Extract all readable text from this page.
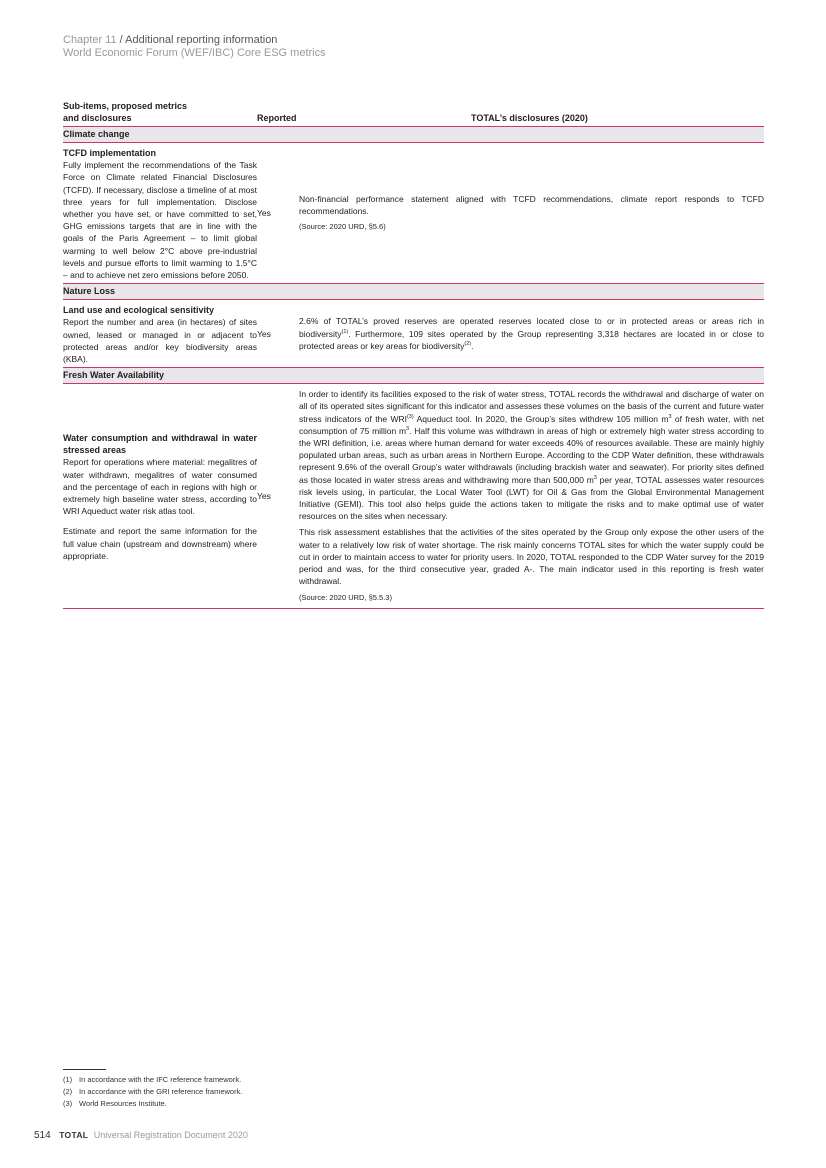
Chapter 11 / Additional reporting information
World Economic Forum (WEF/IBC) Core ESG metrics
Sub-items, proposed metrics
and disclosures	Reported	TOTAL’s disclosures (2020)
Climate change
TCFD implementation
Fully implement the recommendations of the Task Force on Climate related Financial Disclosures (TCFD). If necessary, disclose a timeline of at most three years for full implementation. Disclose whether you have set, or have committed to set, GHG emissions targets that are in line with the goals of the Paris Agreement – to limit global warming to well below 2°C above pre-industrial levels and pursue efforts to limit warming to 1.5°C – and to achieve net zero emissions before 2050.
Yes
Non-financial performance statement aligned with TCFD recommendations, climate report responds to TCFD recommendations.
(Source: 2020 URD, §5.6)
Nature Loss
Land use and ecological sensitivity
Report the number and area (in hectares) of sites owned, leased or managed in or adjacent to protected areas and/or key biodiversity areas (KBA).
Yes
2.6% of TOTAL’s proved reserves are operated reserves located close to or in protected areas or areas rich in biodiversity$^{(1)}$. Furthermore, 109 sites operated by the Group representing 3,318 hectares are located in or close to protected areas or key areas for biodiversity$^{(2)}$.
Fresh Water Availability
Water consumption and withdrawal in water stressed areas
Report for operations where material: megalitres of water withdrawn, megalitres of water consumed and the percentage of each in regions with high or extremely high baseline water stress, according to WRI Aqueduct water risk atlas tool.
Estimate and report the same information for the full value chain (upstream and downstream) where appropriate.
Yes
In order to identify its facilities exposed to the risk of water stress, TOTAL records the withdrawal and discharge of water on all of its operated sites significant for this indicator and assesses these volumes on the basis of the current and future water stress indicators of the WRI$^{(3)}$ Aqueduct tool. In 2020, the Group’s sites withdrew 105 million $m^3$ of fresh water, with net consumption of 75 million $m^3$. Half this volume was withdrawn in areas of high or extremely high water stress according to the WRI definition, i.e. areas where human demand for water exceeds 40% of resources available. These are mainly highly populated urban areas, such as urban areas in Northern Europe. According to the CDP Water definition, these withdrawals represent 9.6% of the overall Group’s water withdrawals (including brackish water and seawater). For priority sites defined as those located in water stress areas and withdrawing more than 500,000 $m^3$ per year, TOTAL assesses water resources risk levels using, in particular, the Local Water Tool (LWT) for Oil & Gas from the Global Environmental Management Initiative (GEMI). This tool also helps guide the actions taken to mitigate the risks and to make optimal use of water resources on the sites when necessary.
This risk assessment establishes that the activities of the sites operated by the Group only expose the other users of the water to a relatively low risk of water shortage. The risk mainly concerns TOTAL sites for which the water supply could be cut in order to maintain access to water for priority users. In 2020, TOTAL responded to the CDP Water survey for the 2019 period and was, for the third consecutive year, graded A-. The main indicator used in this reporting is fresh water withdrawal.
(Source: 2020 URD, §5.5.3)
(1) In accordance with the IFC reference framework.
(2) In accordance with the GRI reference framework.
(3) World Resources Institute.
514 TOTAL Universal Registration Document 2020
